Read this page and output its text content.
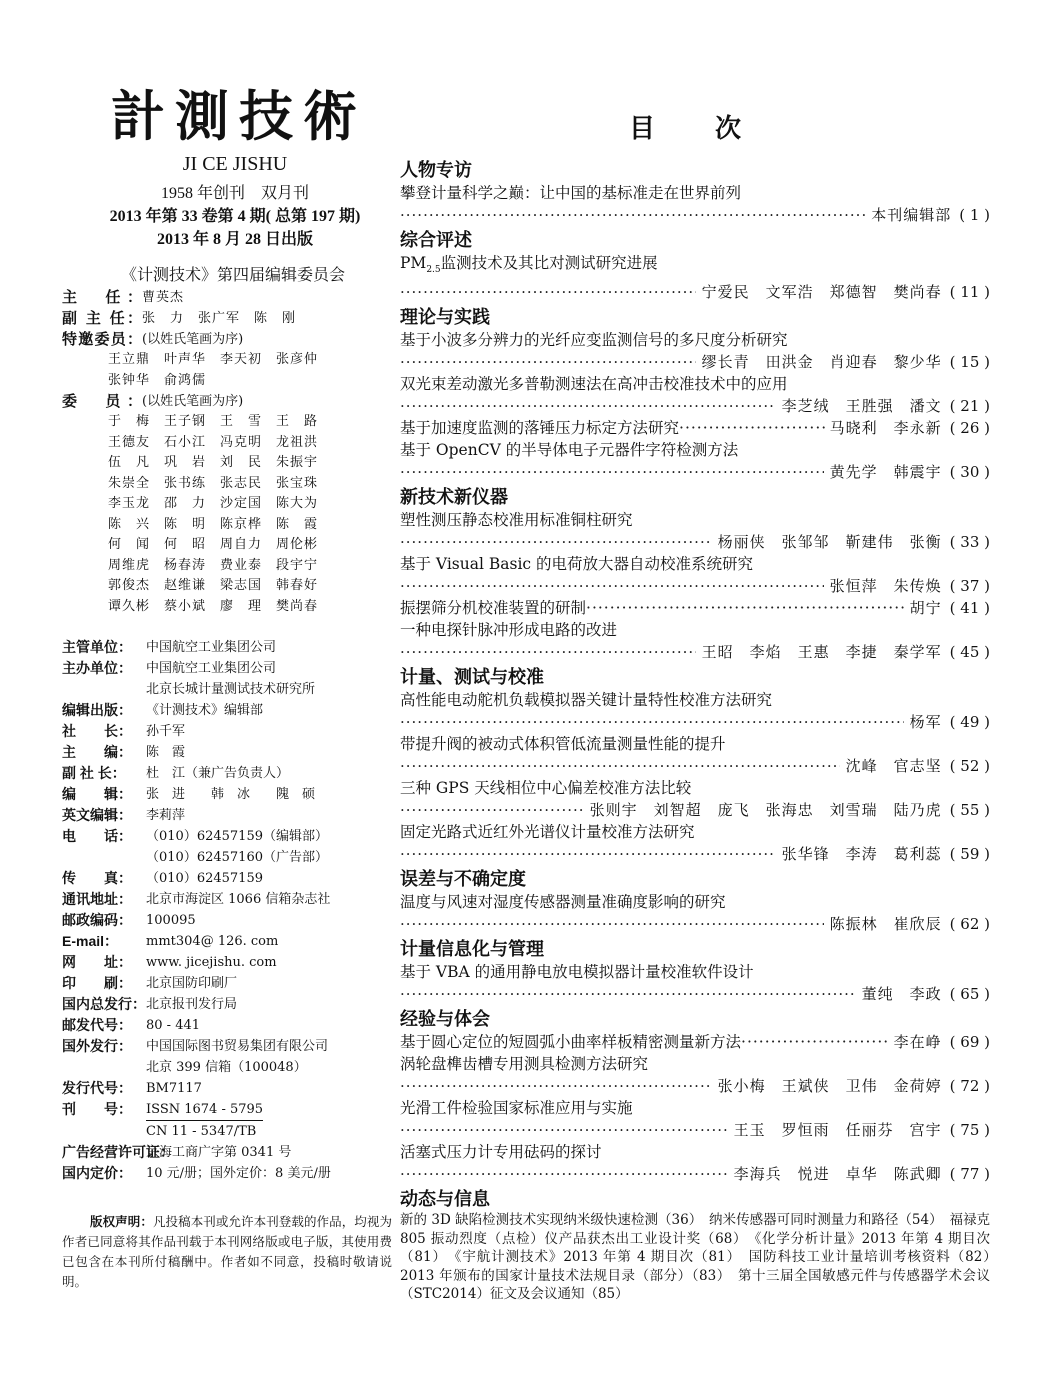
計測技術
JI CE JISHU
1958 年创刊　双月刊
2013 年第 33 卷第 4 期( 总第 197 期)
2013 年 8 月 28 日出版
《计测技术》第四届编辑委员会
主　任： 曹英杰
副 主 任： 张　力　张广军　陈　刚
特邀委员： (以姓氏笔画为序)
王立鼎　叶声华　李天初　张彦仲
张钟华　俞鸿儒
委　员： (以姓氏笔画为序)
于　梅　王子钢　王　雪　王　路
王德友　石小江　冯克明　龙祖洪
伍　凡　巩　岩　刘　民　朱振宇
朱崇全　张书练　张志民　张宝珠
李玉龙　邵　力　沙定国　陈大为
陈　兴　陈　明　陈京桦　陈　霞
何　闻　何　昭　周自力　周伦彬
周维虎　杨春涛　费业泰　段宇宁
郭俊杰　赵维谦　梁志国　韩春好
谭久彬　蔡小斌　廖　理　樊尚春
主管单位：	中国航空工业集团公司
主办单位：	中国航空工业集团公司
北京长城计量测试技术研究所
编辑出版：	《计测技术》编辑部
社　　长：	孙千军
主　　编：	陈　霞
副 社 长：	杜　江（兼广告负责人）
编　　辑：	张　进　　韩　冰　　隗　硕
英文编辑：	李莉萍
电　　话：	（010）62457159（编辑部）
（010）62457160（广告部）
传　　真：	（010）62457159
通讯地址：	北京市海淀区 1066 信箱杂志社
邮政编码：	100095
E-mail：	mmt304@ 126. com
网　　址：	www. jicejishu. com
印　　刷：	北京国防印刷厂
国内总发行： 北京报刊发行局
邮发代号：	80 - 441
国外发行：	中国国际图书贸易集团有限公司
北京 399 信箱（100048）
发行代号：	BM7117
刊　　号：	ISSN 1674 - 5795
CN 11 - 5347/TB
广告经营许可证：
京海工商广字第 0341 号
国内定价：	10 元/册；国外定价：8 美元/册
版权声明：凡投稿本刊或允许本刊登载的作品，均视为作者已同意将其作品刊载于本刊网络版或电子版，其使用费已包含在本刊所付稿酬中。作者如不同意，投稿时敬请说明。
目次
人物专访
攀登计量科学之巅：让中国的基标准走在世界前列
·····
本刊编辑部 ( 1 )
综合评述
$PM_{2.5}$监测技术及其比对测试研究进展
·····
宁爱民　文军浩　郑德智　樊尚春 ( 11 )
理论与实践
基于小波多分辨力的光纤应变监测信号的多尺度分析研究
·····
缪长青　田洪金　肖迎春　黎少华 ( 15 )
双光束差动激光多普勒测速法在高冲击校准技术中的应用
·····
李芝绒　王胜强　潘文 ( 21 )
基于加速度监测的落锤压力标定方法研究 ·····	马晓利　李永新 ( 26 )
基于 OpenCV 的半导体电子元器件字符检测方法
·····
黄先学　韩震宇 ( 30 )
新技术新仪器
塑性测压静态校准用标准铜柱研究
·····
杨丽侠　张邹邹　靳建伟　张衡 ( 33 )
基于 Visual Basic 的电荷放大器自动校准系统研究
·····
张恒萍　朱传焕 ( 37 )
振摆筛分机校准装置的研制 ·····	胡宁 ( 41 )
一种电探针脉冲形成电路的改进
·····
王昭　李焰　王惠　李捷　秦学军 ( 45 )
计量、测试与校准
高性能电动舵机负载模拟器关键计量特性校准方法研究
·····
杨军 ( 49 )
带提升阀的被动式体积管低流量测量性能的提升
·····
沈峰　官志坚 ( 52 )
三种 GPS 天线相位中心偏差校准方法比较
·····
张则宇　刘智超　庞飞　张海忠　刘雪瑞　陆乃虎 ( 55 )
固定光路式近红外光谱仪计量校准方法研究
·····
张华锋　李涛　葛利蕊 ( 59 )
误差与不确定度
温度与风速对湿度传感器测量准确度影响的研究
·····
陈振林　崔欣辰 ( 62 )
计量信息化与管理
基于 VBA 的通用静电放电模拟器计量校准软件设计
·····
董纯　李政 ( 65 )
经验与体会
基于圆心定位的短圆弧小曲率样板精密测量新方法 ·····	李在峥 ( 69 )
涡轮盘榫齿槽专用测具检测方法研究
·····
张小梅　王斌侠　卫伟　金荷婷 ( 72 )
光滑工件检验国家标准应用与实施
·····
王玉　罗恒雨　任丽芬　宫宇 ( 75 )
活塞式压力计专用砝码的探讨
·····
李海兵　悦进　卓华　陈武卿 ( 77 )
动态与信息
新的 3D 缺陷检测技术实现纳米级快速检测（36）　纳米传感器可同时测量力和路径（54）　福禄克 805 振动烈度（点检）仪产品获杰出工业设计奖（68）　《化学分析计量》2013 年第 4 期目次（81）　《宇航计测技术》2013 年第 4 期目次（81）　国防科技工业计量培训考核资料（82）　2013 年颁布的国家计量技术法规目录（部分）（83）　第十三届全国敏感元件与传感器学术会议（STC2014）征文及会议通知（85）
